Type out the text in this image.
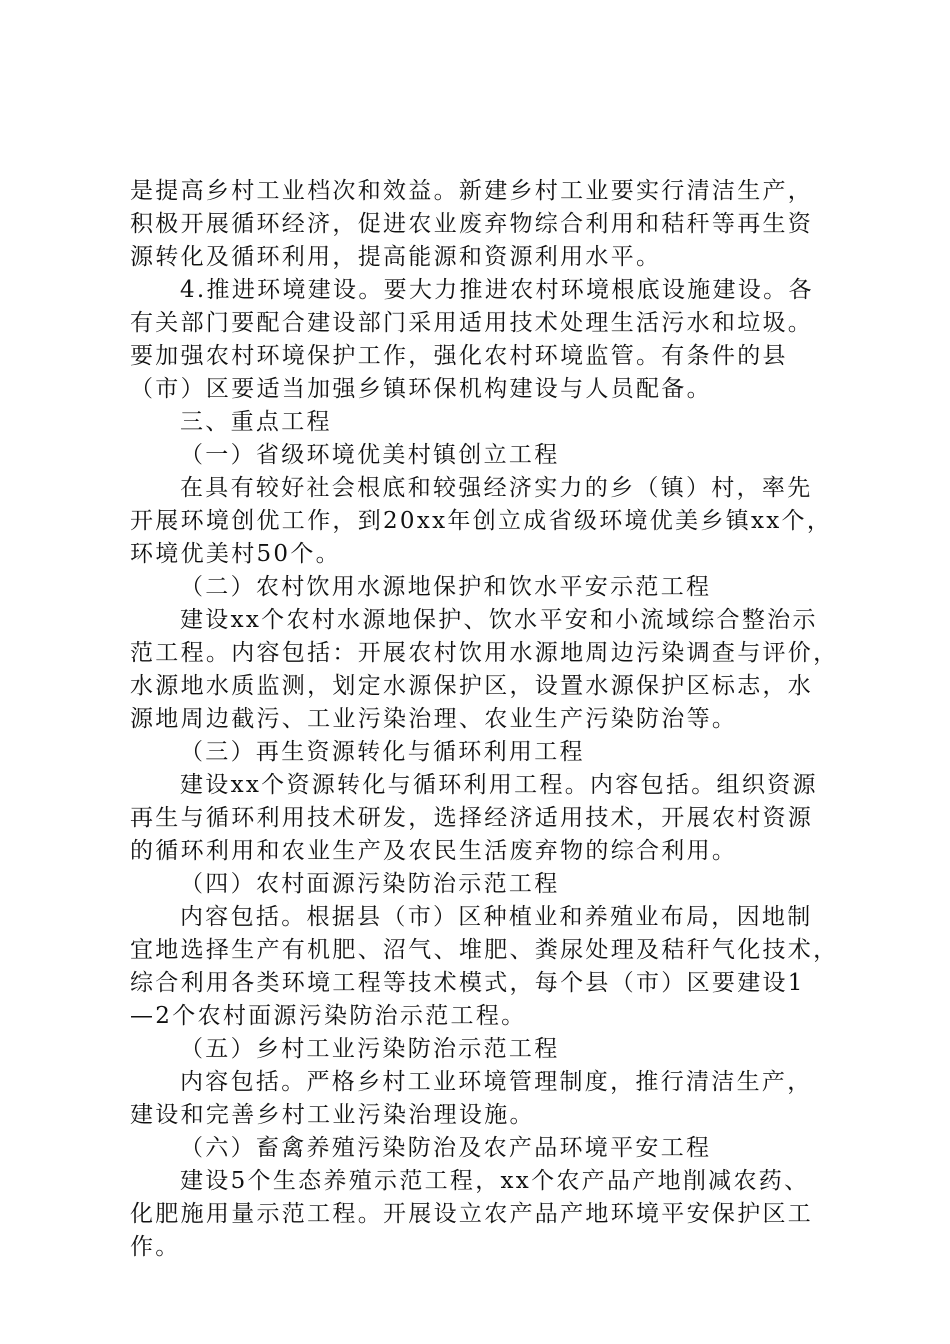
是提高乡村工业档次和效益。新建乡村工业要实行清洁生产，
积极开展循环经济，促进农业废弃物综合利用和秸秆等再生资
源转化及循环利用，提高能源和资源利用水平。
4.推进环境建设。要大力推进农村环境根底设施建设。各
有关部门要配合建设部门采用适用技术处理生活污水和垃圾。
要加强农村环境保护工作，强化农村环境监管。有条件的县
（市）区要适当加强乡镇环保机构建设与人员配备。
三、重点工程
（一）省级环境优美村镇创立工程
在具有较好社会根底和较强经济实力的乡（镇）村，率先
开展环境创优工作，到20xx年创立成省级环境优美乡镇xx个，
环境优美村50个。
（二）农村饮用水源地保护和饮水平安示范工程
建设xx个农村水源地保护、饮水平安和小流域综合整治示
范工程。内容包括：开展农村饮用水源地周边污染调查与评价，
水源地水质监测，划定水源保护区，设置水源保护区标志，水
源地周边截污、工业污染治理、农业生产污染防治等。
（三）再生资源转化与循环利用工程
建设xx个资源转化与循环利用工程。内容包括。组织资源
再生与循环利用技术研发，选择经济适用技术，开展农村资源
的循环利用和农业生产及农民生活废弃物的综合利用。
（四）农村面源污染防治示范工程
内容包括。根据县（市）区种植业和养殖业布局，因地制
宜地选择生产有机肥、沼气、堆肥、粪尿处理及秸秆气化技术，
综合利用各类环境工程等技术模式，每个县（市）区要建设1
—2个农村面源污染防治示范工程。
（五）乡村工业污染防治示范工程
内容包括。严格乡村工业环境管理制度，推行清洁生产，
建设和完善乡村工业污染治理设施。
（六）畜禽养殖污染防治及农产品环境平安工程
建设5个生态养殖示范工程，xx个农产品产地削减农药、
化肥施用量示范工程。开展设立农产品产地环境平安保护区工
作。
